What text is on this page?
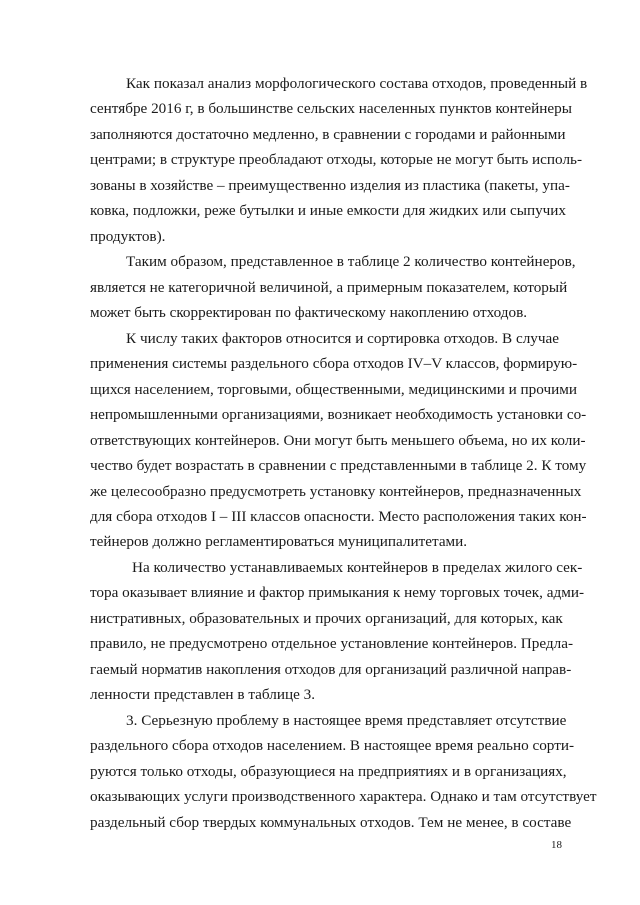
Как показал анализ морфологического состава отходов, проведенный в
сентябре 2016 г, в большинстве сельских населенных пунктов контейнеры
заполняются достаточно медленно, в сравнении с городами и районными
центрами; в структуре преобладают отходы, которые не могут быть исполь-
зованы в хозяйстве – преимущественно изделия из пластика (пакеты, упа-
ковка, подложки, реже бутылки и иные емкости для жидких или сыпучих
продуктов).
Таким образом, представленное в таблице 2 количество контейнеров,
является не категоричной величиной, а примерным показателем, который
может быть скорректирован по фактическому накоплению отходов.
К числу таких факторов относится и сортировка отходов. В случае
применения системы раздельного сбора отходов IV–V классов, формирую-
щихся населением, торговыми, общественными, медицинскими и прочими
непромышленными организациями, возникает необходимость установки со-
ответствующих контейнеров. Они могут быть меньшего объема, но их коли-
чество будет возрастать в сравнении с представленными в таблице 2. К тому
же целесообразно предусмотреть установку контейнеров, предназначенных
для сбора отходов I – III классов опасности. Место расположения таких кон-
тейнеров должно регламентироваться муниципалитетами.
На количество устанавливаемых контейнеров в пределах жилого сек-
тора оказывает влияние и фактор примыкания к нему торговых точек, адми-
нистративных, образовательных и прочих организаций, для которых, как
правило, не предусмотрено отдельное установление контейнеров. Предла-
гаемый норматив накопления отходов для организаций различной направ-
ленности представлен в таблице 3.
3. Серьезную проблему в настоящее время представляет отсутствие
раздельного сбора отходов населением. В настоящее время реально сорти-
руются только отходы, образующиеся на предприятиях и в организациях,
оказывающих услуги производственного характера. Однако и там отсутствует
раздельный сбор твердых коммунальных отходов. Тем не менее, в составе
18
